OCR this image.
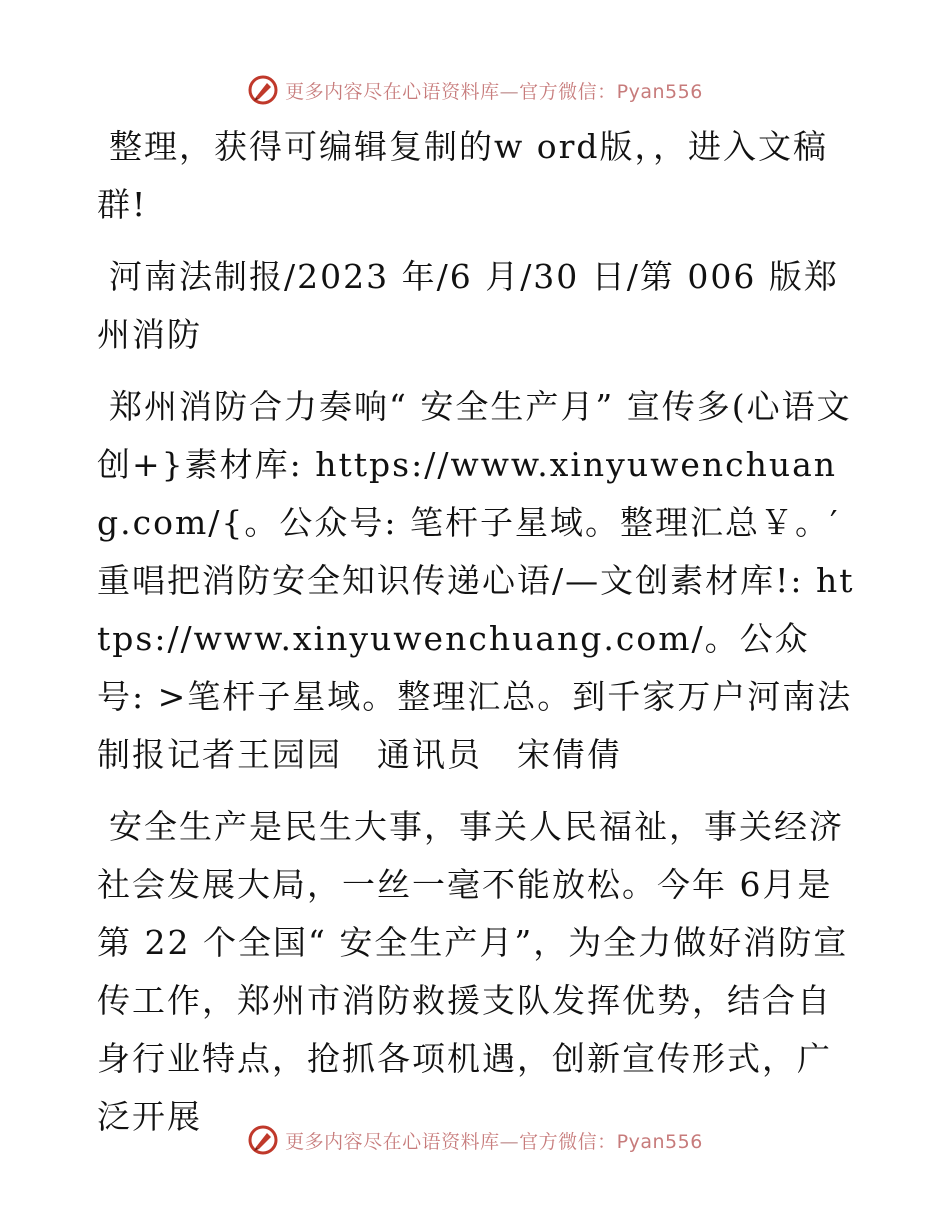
更多内容尽在心语资料库—官方微信：Pyan556

整理，获得可编辑复制的w ord版，，进入文稿群!

河南法制报/2023 年/6 月/30 日/第 006 版郑州消防

郑州消防合力奏响“ 安全生产月” 宣传多(心语文创+}素材库: https://www.xinyuwenchuang.com/{。公众号: 笔杆子星域。整理汇总￥。′重唱把消防安全知识传递心语/—文创素材库!: https://www.xinyuwenchuang.com/。公众号: >笔杆子星域。整理汇总。到千家万户河南法制报记者王园园　通讯员　宋倩倩

安全生产是民生大事，事关人民福祉，事关经济社会发展大局，一丝一毫不能放松。今年 6月是第 22 个全国“ 安全生产月”，为全力做好消防宣传工作，郑州市消防救援支队发挥优势，结合自身行业特点，抢抓各项机遇，创新宣传形式，广泛开展

更多内容尽在心语资料库—官方微信：Pyan556
